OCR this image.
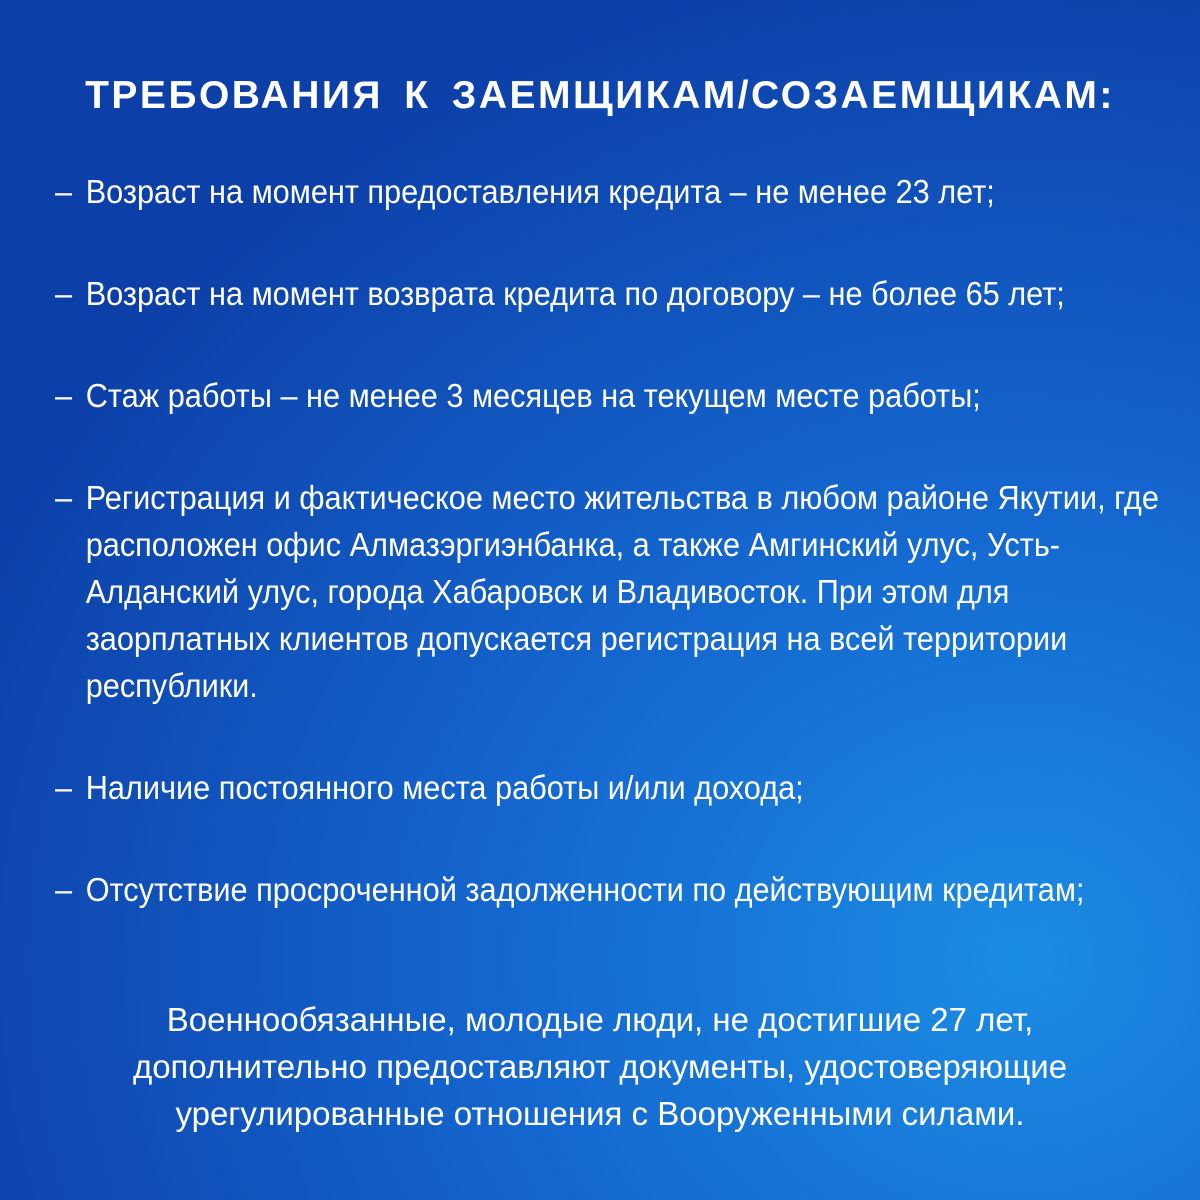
ТРЕБОВАНИЯ К ЗАЕМЩИКАМ/СОЗАЕМЩИКАМ:
– Возраст на момент предоставления кредита – не менее 23 лет;
– Возраст на момент возврата кредита по договору – не более 65 лет;
– Стаж работы – не менее 3 месяцев на текущем месте работы;
– Регистрация и фактическое место жительства в любом районе Якутии, где расположен офис Алмазэргиэнбанка, а также Амгинский улус, Усть-Алданский улус, города Хабаровск и Владивосток. При этом для заорплатных клиентов допускается регистрация на всей территории республики.
– Наличие постоянного места работы и/или дохода;
– Отсутствие просроченной задолженности по действующим кредитам;
Военнообязанные, молодые люди, не достигшие 27 лет,
дополнительно предоставляют документы, удостоверяющие
урегулированные отношения с Вооруженными силами.
